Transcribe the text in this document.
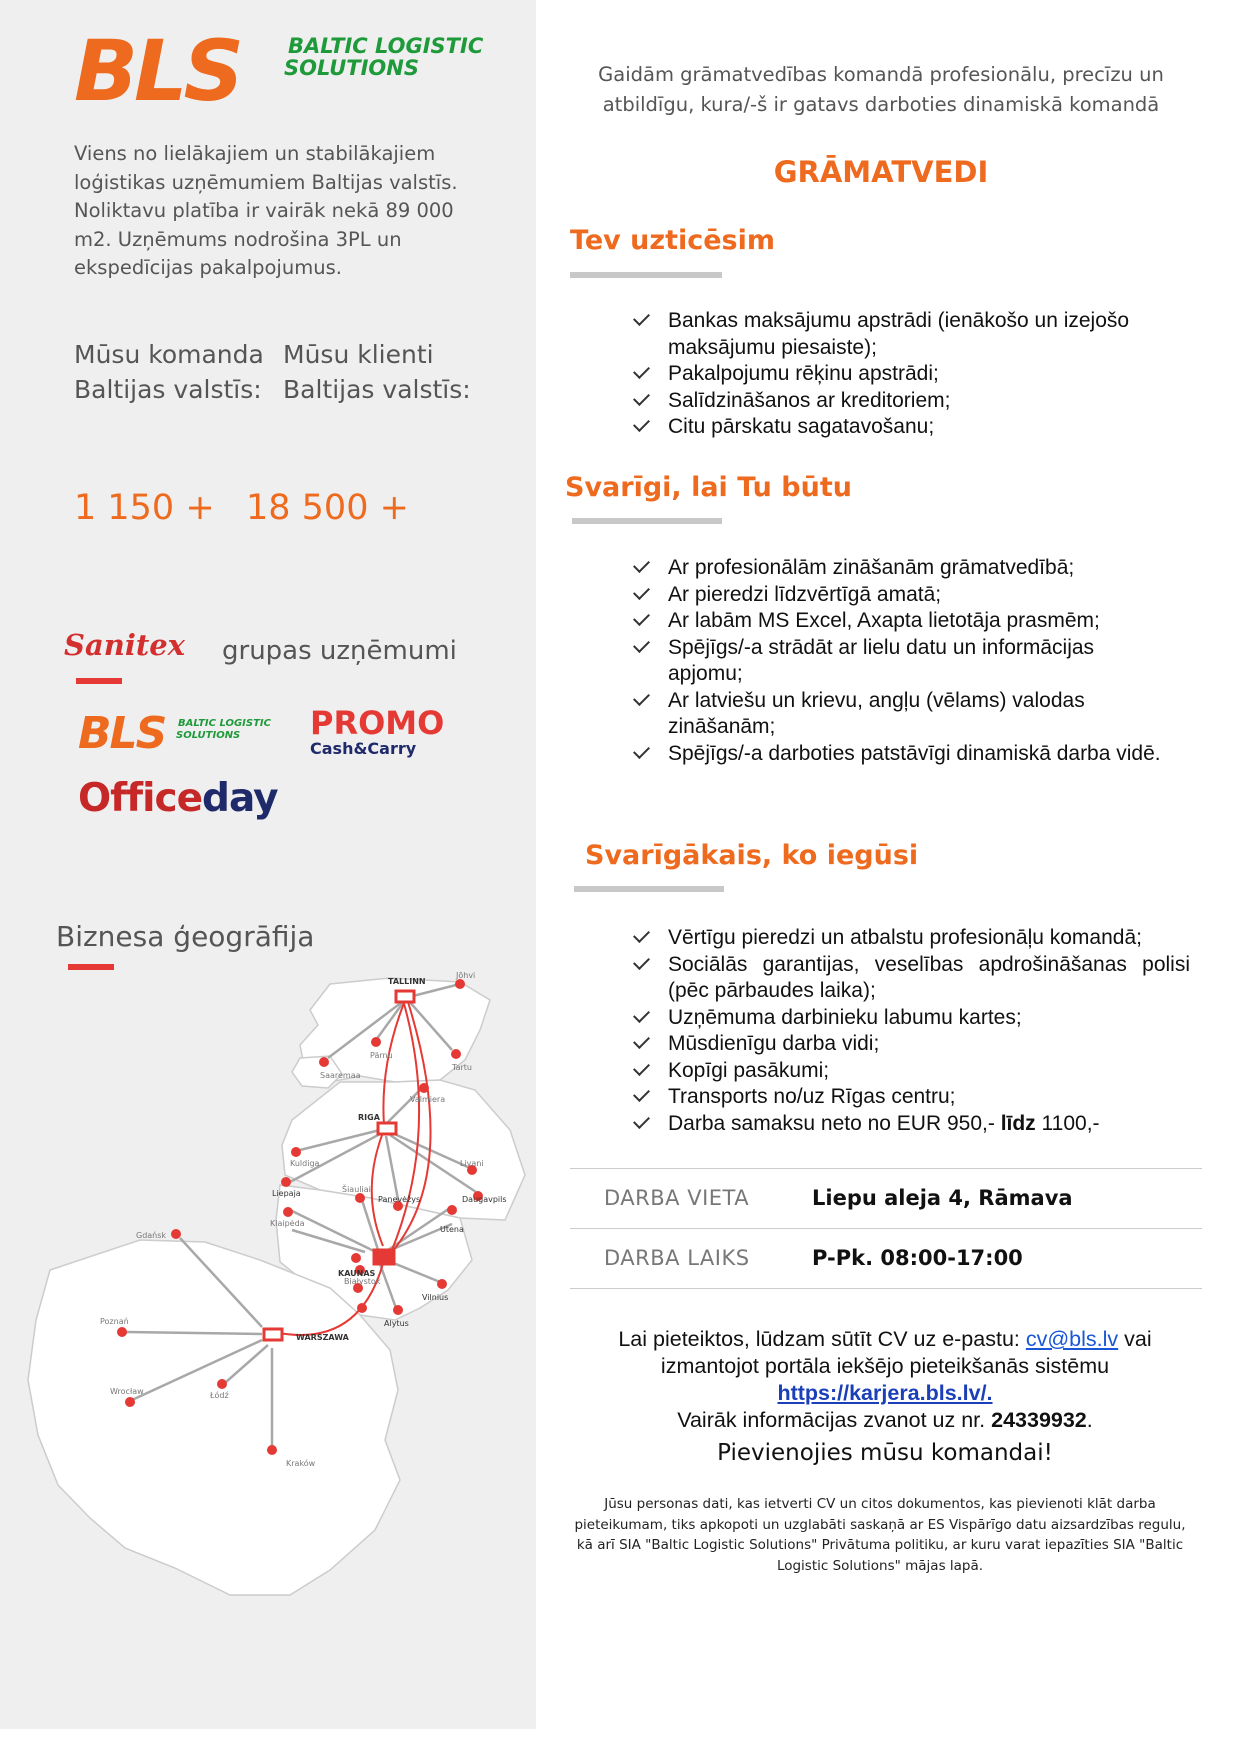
BLS BALTIC LOGISTIC
SOLUTIONS
Viens no lielākajiem un stabilākajiem loģistikas uzņēmumiem Baltijas valstīs. Noliktavu platība ir vairāk nekā 89 000 m2. Uzņēmums nodrošina 3PL un ekspedīcijas pakalpojumus.
Mūsu komanda
Baltijas valstīs:
Mūsu klienti
Baltijas valstīs:
1 150 + 18 500 +
Sanitex grupas uzņēmumi
BLS BALTIC LOGISTIC
SOLUTIONS PROMO
Cash&Carry
Officeday
Biznesa ģeogrāfija
TALLINN
Jõhvi
Pärnu
Tartu
Saaremaa
Valmiera
RIGA
Kuldiga
Liepaja
Livani
Šiauliai
Panevėžys	Daugavpils
Klaipėda
Utena
KAUNAS
Vilnius
Alytus
Gdańsk
Białystok
Poznań
WARSZAWA
Wrocław	Łódź
Kraków
Gaidām grāmatvedības komandā profesionālu, precīzu un atbildīgu, kura/-š ir gatavs darboties dinamiskā komandā
GRĀMATVEDI
Tev uzticēsim
Bankas maksājumu apstrādi (ienākošo un izejošo maksājumu piesaiste);
Pakalpojumu rēķinu apstrādi;
Salīdzināšanos ar kreditoriem;
Citu pārskatu sagatavošanu;
Svarīgi, lai Tu būtu
Ar profesionālām zināšanām grāmatvedībā;
Ar pieredzi līdzvērtīgā amatā;
Ar labām MS Excel, Axapta lietotāja prasmēm;
Spējīgs/-a strādāt ar lielu datu un informācijas apjomu;
Ar latviešu un krievu, angļu (vēlams) valodas zināšanām;
Spējīgs/-a darboties patstāvīgi dinamiskā darba vidē.
Svarīgākais, ko iegūsi
Vērtīgu pieredzi un atbalstu profesionāļu komandā;
Sociālās garantijas, veselības apdrošināšanas polisi (pēc pārbaudes laika);
Uzņēmuma darbinieku labumu kartes;
Mūsdienīgu darba vidi;
Kopīgi pasākumi;
Transports no/uz Rīgas centru;
Darba samaksu neto no EUR 950,- līdz 1100,-
DARBA VIETA	Liepu aleja 4, Rāmava
DARBA LAIKS	P-Pk. 08:00-17:00
Lai pieteiktos, lūdzam sūtīt CV uz e-pastu: cv@bls.lv vai
izmantojot portāla iekšējo pieteikšanās sistēmu
https://karjera.bls.lv/.
Vairāk informācijas zvanot uz nr. 24339932.
Pievienojies mūsu komandai!
Jūsu personas dati, kas ietverti CV un citos dokumentos, kas pievienoti klāt darba pieteikumam, tiks apkopoti un uzglabāti saskaņā ar ES Vispārīgo datu aizsardzības regulu, kā arī SIA "Baltic Logistic Solutions" Privātuma politiku, ar kuru varat iepazīties SIA "Baltic Logistic Solutions" mājas lapā.
